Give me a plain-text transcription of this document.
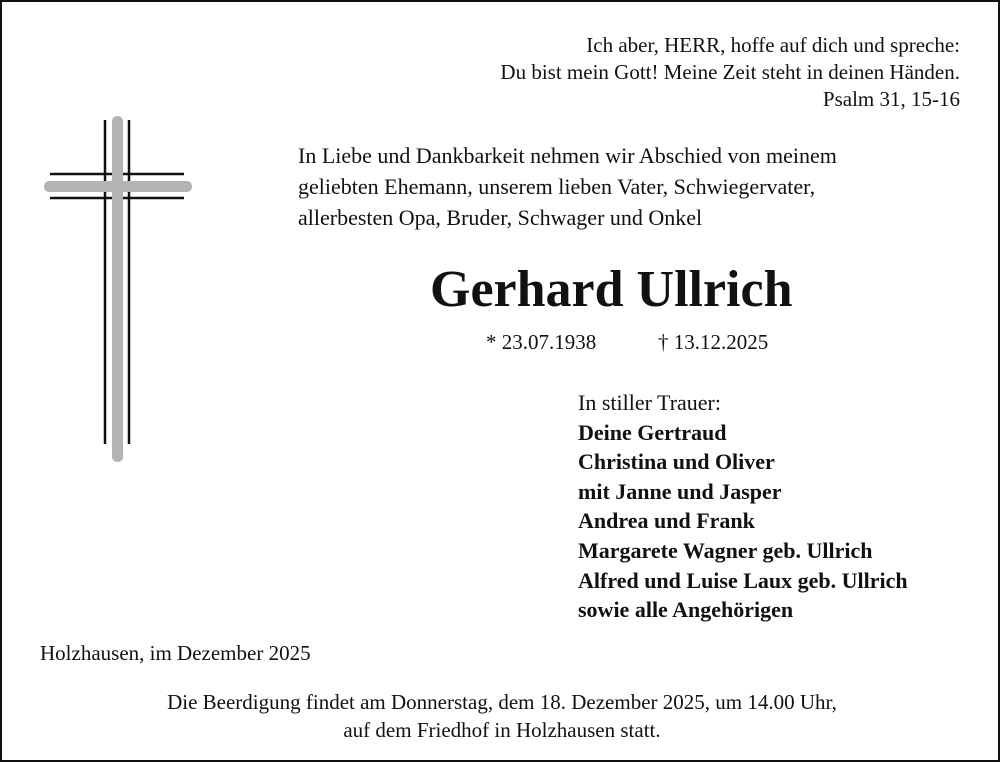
Ich aber, HERR, hoffe auf dich und spreche:
Du bist mein Gott! Meine Zeit steht in deinen Händen.
Psalm 31, 15-16
In Liebe und Dankbarkeit nehmen wir Abschied von meinem
geliebten Ehemann, unserem lieben Vater, Schwiegervater,
allerbesten Opa, Bruder, Schwager und Onkel
Gerhard Ullrich
* 23.07.1938	† 13.12.2025
In stiller Trauer:
Deine Gertraud
Christina und Oliver
mit Janne und Jasper
Andrea und Frank
Margarete Wagner geb. Ullrich
Alfred und Luise Laux geb. Ullrich
sowie alle Angehörigen
Holzhausen, im Dezember 2025
Die Beerdigung findet am Donnerstag, dem 18. Dezember 2025, um 14.00 Uhr,
auf dem Friedhof in Holzhausen statt.
